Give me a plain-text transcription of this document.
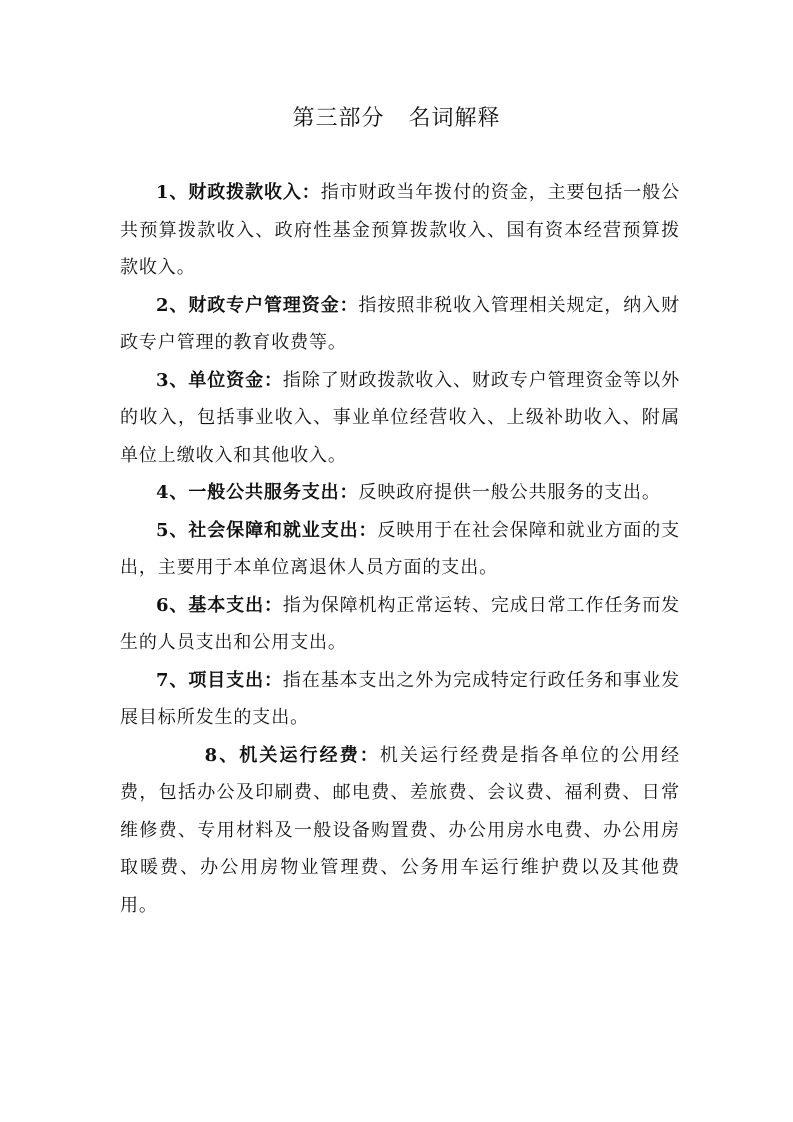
第三部分 名词解释

1、财政拨款收入：指市财政当年拨付的资金，主要包括一般公共预算拨款收入、政府性基金预算拨款收入、国有资本经营预算拨款收入。

2、财政专户管理资金：指按照非税收入管理相关规定，纳入财政专户管理的教育收费等。

3、单位资金：指除了财政拨款收入、财政专户管理资金等以外的收入，包括事业收入、事业单位经营收入、上级补助收入、附属单位上缴收入和其他收入。

4、一般公共服务支出：反映政府提供一般公共服务的支出。

5、社会保障和就业支出：反映用于在社会保障和就业方面的支出，主要用于本单位离退休人员方面的支出。

6、基本支出：指为保障机构正常运转、完成日常工作任务而发生的人员支出和公用支出。

7、项目支出：指在基本支出之外为完成特定行政任务和事业发展目标所发生的支出。

8、机关运行经费：机关运行经费是指各单位的公用经费，包括办公及印刷费、邮电费、差旅费、会议费、福利费、日常维修费、专用材料及一般设备购置费、办公用房水电费、办公用房取暖费、办公用房物业管理费、公务用车运行维护费以及其他费用。
